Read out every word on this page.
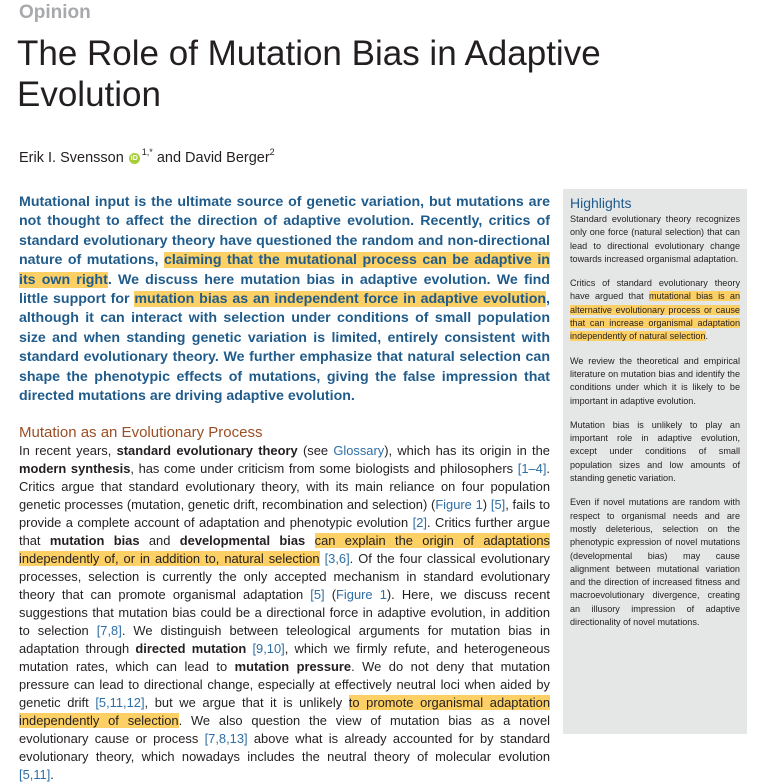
Opinion
The Role of Mutation Bias in Adaptive Evolution
Erik I. Svensson $iD^{1,*}$ and David Berger$^2$

Mutational input is the ultimate source of genetic variation, but mutations are not thought to affect the direction of adaptive evolution. Recently, critics of standard evolutionary theory have questioned the random and non-directional nature of mutations, claiming that the mutational process can be adaptive in its own right. We discuss here mutation bias in adaptive evolution. We find little support for mutation bias as an independent force in adaptive evolution, although it can interact with selection under conditions of small population size and when standing genetic variation is limited, entirely consistent with standard evolutionary theory. We further emphasize that natural selection can shape the phenotypic effects of mutations, giving the false impression that directed mutations are driving adaptive evolution.

Mutation as an Evolutionary Process

In recent years, standard evolutionary theory (see Glossary), which has its origin in the modern synthesis, has come under criticism from some biologists and philosophers [1–4]. Critics argue that standard evolutionary theory, with its main reliance on four population genetic processes (mutation, genetic drift, recombination and selection) (Figure 1) [5], fails to provide a complete account of adaptation and phenotypic evolution [2]. Critics further argue that mutation bias and developmental bias can explain the origin of adaptations independently of, or in addition to, natural selection [3,6]. Of the four classical evolutionary processes, selection is currently the only accepted mechanism in standard evolutionary theory that can promote organismal adaptation [5] (Figure 1). Here, we discuss recent suggestions that mutation bias could be a directional force in adaptive evolution, in addition to selection [7,8]. We distinguish between teleological arguments for mutation bias in adaptation through directed mutation [9,10], which we firmly refute, and heterogeneous mutation rates, which can lead to mutation pressure. We do not deny that mutation pressure can lead to directional change, especially at effectively neutral loci when aided by genetic drift [5,11,12], but we argue that it is unlikely to promote organismal adaptation independently of selection. We also question the view of mutation bias as a novel evolutionary cause or process [7,8,13] above what is already accounted for by standard evolutionary theory, which nowadays includes the neutral theory of molecular evolution [5,11].

Highlights

Standard evolutionary theory recognizes only one force (natural selection) that can lead to directional evolutionary change towards increased organismal adaptation.

Critics of standard evolutionary theory have argued that mutational bias is an alternative evolutionary process or cause that can increase organismal adaptation independently of natural selection.

We review the theoretical and empirical literature on mutation bias and identify the conditions under which it is likely to be important in adaptive evolution.

Mutation bias is unlikely to play an important role in adaptive evolution, except under conditions of small population sizes and low amounts of standing genetic variation.

Even if novel mutations are random with respect to organismal needs and are mostly deleterious, selection on the phenotypic expression of novel mutations (developmental bias) may cause alignment between mutational variation and the direction of increased fitness and macroevolutionary divergence, creating an illusory impression of adaptive directionality of novel mutations.
